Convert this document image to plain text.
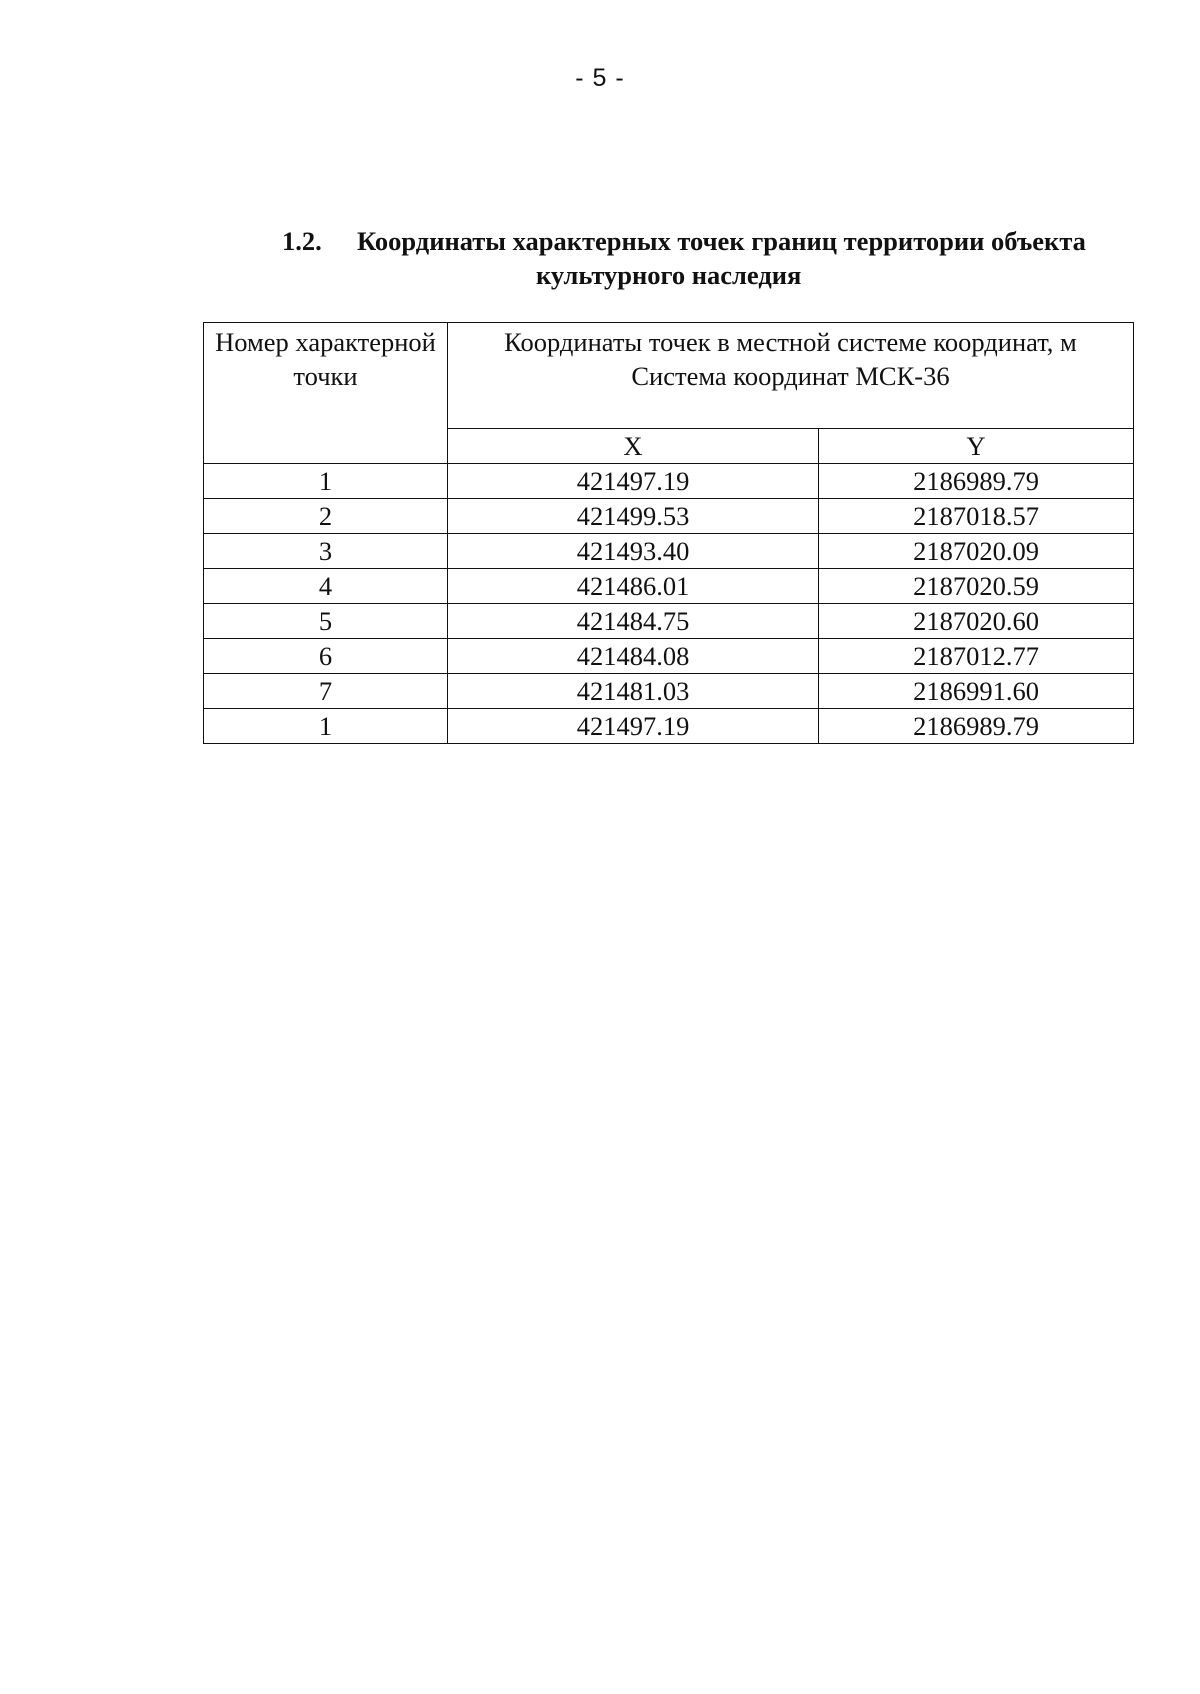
- 5 -
1.2. Координаты характерных точек границ территории объекта
культурного наследия
Номер характерной точки	Координаты точек в местной системе координат, м
Система координат МСК-36	

	X	Y
1	421497.19	2186989.79
2	421499.53	2187018.57
3	421493.40	2187020.09
4	421486.01	2187020.59
5	421484.75	2187020.60
6	421484.08	2187012.77
7	421481.03	2186991.60
1	421497.19	2186989.79
